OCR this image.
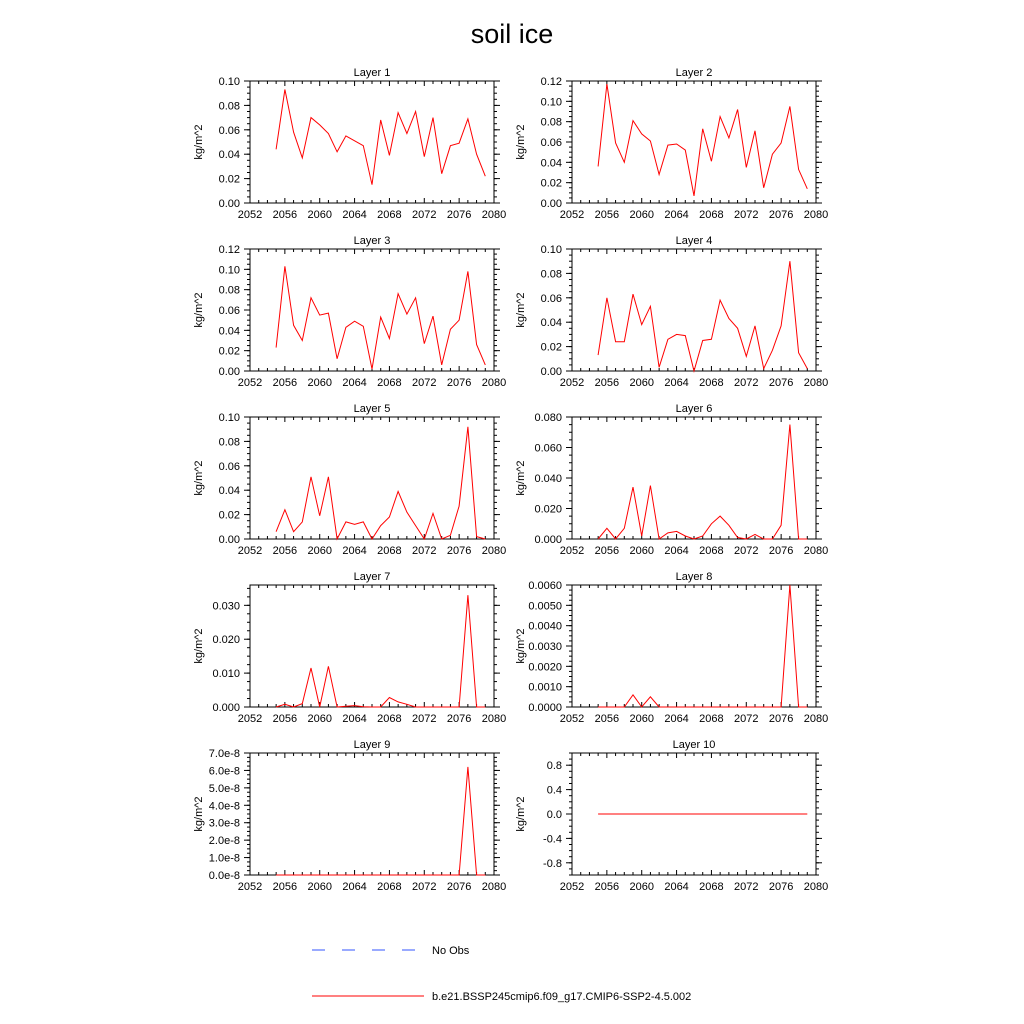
soil ice
Layer 1
kg/m^2
2052 2056 2060 2064 2068 2072 2076 2080
0.00
0.02
0.04
0.06
0.08
0.10
Layer 2
kg/m^2
2052 2056 2060 2064 2068 2072 2076 2080
0.00
0.02
0.04
0.06
0.08
0.10
0.12
Layer 3
kg/m^2
2052 2056 2060 2064 2068 2072 2076 2080
0.00
0.02
0.04
0.06
0.08
0.10
0.12
Layer 4
kg/m^2
2052 2056 2060 2064 2068 2072 2076 2080
0.00
0.02
0.04
0.06
0.08
0.10
Layer 5
kg/m^2
2052 2056 2060 2064 2068 2072 2076 2080
0.00
0.02
0.04
0.06
0.08
0.10
Layer 6
kg/m^2
2052 2056 2060 2064 2068 2072 2076 2080
0.000
0.020
0.040
0.060
0.080
Layer 7
kg/m^2
2052 2056 2060 2064 2068 2072 2076 2080
0.000
0.010
0.020
0.030
Layer 8
kg/m^2
2052 2056 2060 2064 2068 2072 2076 2080
0.0000
0.0010
0.0020
0.0030
0.0040
0.0050
0.0060
Layer 9
kg/m^2
2052 2056 2060 2064 2068 2072 2076 2080
0.0e-8
1.0e-8
2.0e-8
3.0e-8
4.0e-8
5.0e-8
6.0e-8
7.0e-8
Layer 10
kg/m^2
2052 2056 2060 2064 2068 2072 2076 2080
-0.8
-0.4
0.0
0.4
0.8
No Obs
b.e21.BSSP245cmip6.f09_g17.CMIP6-SSP2-4.5.002
